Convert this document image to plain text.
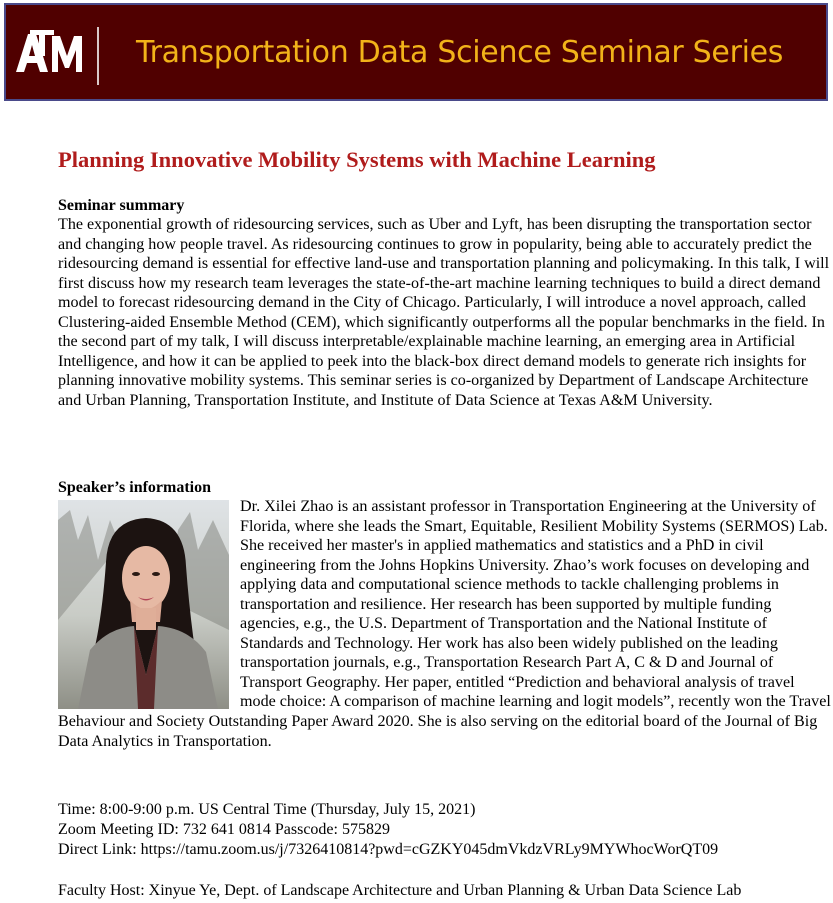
Transportation Data Science Seminar Series
Planning Innovative Mobility Systems with Machine Learning
Seminar summary

The exponential growth of ridesourcing services, such as Uber and Lyft, has been disrupting the transportation sector and changing how people travel. As ridesourcing continues to grow in popularity, being able to accurately predict the ridesourcing demand is essential for effective land-use and transportation planning and policymaking. In this talk, I will first discuss how my research team leverages the state-of-the-art machine learning techniques to build a direct demand model to forecast ridesourcing demand in the City of Chicago. Particularly, I will introduce a novel approach, called Clustering-aided Ensemble Method (CEM), which significantly outperforms all the popular benchmarks in the field. In the second part of my talk, I will discuss interpretable/explainable machine learning, an emerging area in Artificial Intelligence, and how it can be applied to peek into the black-box direct demand models to generate rich insights for planning innovative mobility systems. This seminar series is co-organized by Department of Landscape Architecture and Urban Planning, Transportation Institute, and Institute of Data Science at Texas A&M University.

Speaker’s information

Dr. Xilei Zhao is an assistant professor in Transportation Engineering at the University of Florida, where she leads the Smart, Equitable, Resilient Mobility Systems (SERMOS) Lab. She received her master's in applied mathematics and statistics and a PhD in civil engineering from the Johns Hopkins University. Zhao’s work focuses on developing and applying data and computational science methods to tackle challenging problems in transportation and resilience. Her research has been supported by multiple funding agencies, e.g., the U.S. Department of Transportation and the National Institute of Standards and Technology. Her work has also been widely published on the leading transportation journals, e.g., Transportation Research Part A, C & D and Journal of Transport Geography. Her paper, entitled “Prediction and behavioral analysis of travel mode choice: A comparison of machine learning and logit models”, recently won the Travel Behaviour and Society Outstanding Paper Award 2020. She is also serving on the editorial board of the Journal of Big Data Analytics in Transportation.

Time: 8:00-9:00 p.m. US Central Time (Thursday, July 15, 2021)
Zoom Meeting ID: 732 641 0814 Passcode: 575829
Direct Link: https://tamu.zoom.us/j/7326410814?pwd=cGZKY045dmVkdzVRLy9MYWhocWorQT09
Faculty Host: Xinyue Ye, Dept. of Landscape Architecture and Urban Planning & Urban Data Science Lab
